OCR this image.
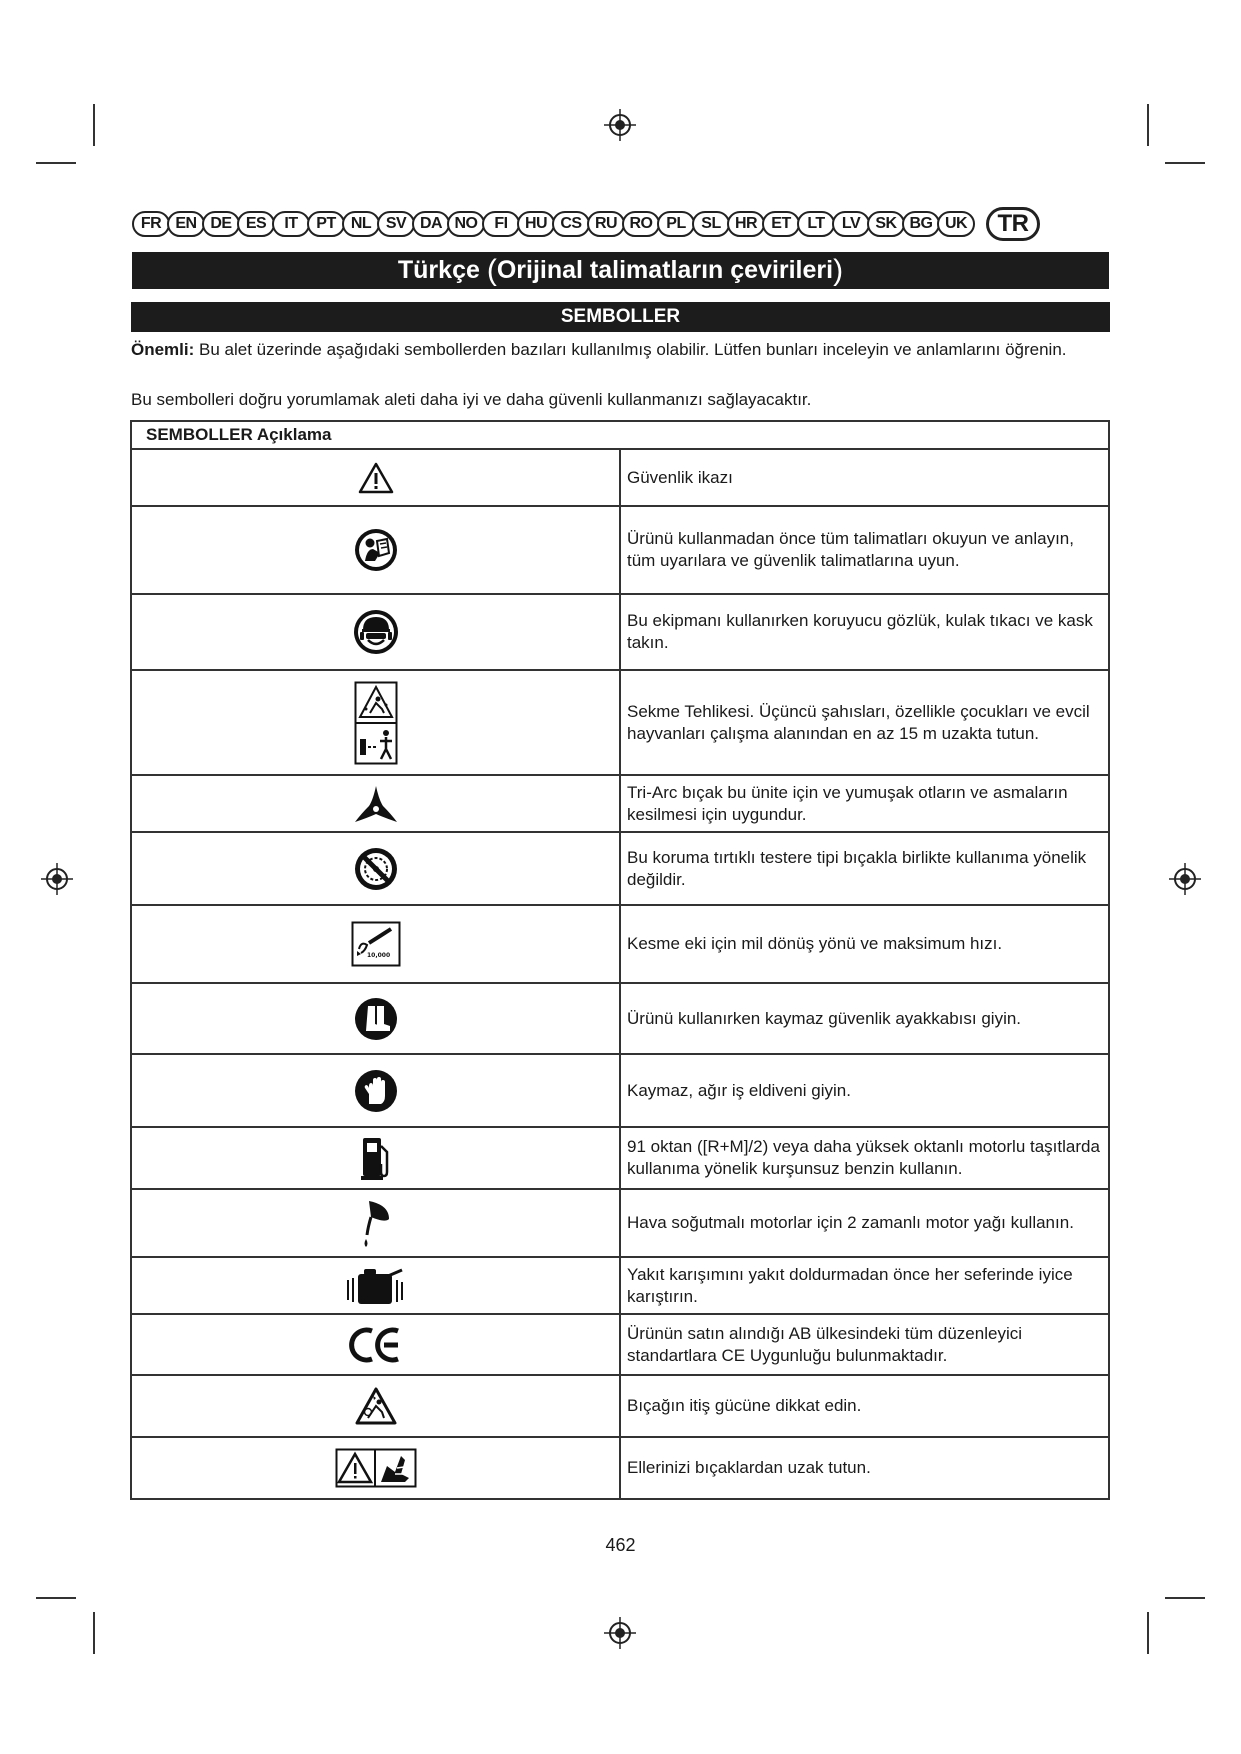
FR EN DE ES	IT	PT NL SV DA NO	FI	HU CS RU RO PL SL HR ET	LT	LV SK BG UK	TR
Türkçe
( Orijinal talimatların çevirileri )
SEMBOLLER
Önemli: Bu alet üzerinde aşağıdaki sembollerden bazıları kullanılmış olabilir. Lütfen bunları inceleyin ve anlamlarını öğrenin.
Bu sembolleri doğru yorumlamak aleti daha iyi ve daha güvenli kullanmanızı sağlayacaktır.
SEMBOLLER Açıklama	

	Güvenlik ikazı

	Ürünü kullanmadan önce tüm talimatları okuyun ve anlayın, tüm uyarılara ve güvenlik talimatlarına uyun.

	Bu ekipmanı kullanırken koruyucu gözlük, kulak tıkacı ve kask takın.

	Sekme Tehlikesi. Üçüncü şahısları, özellikle çocukları ve evcil hayvanları çalışma alanından en az 15 m uzakta tutun.

	Tri-Arc bıçak bu ünite için ve yumuşak otların ve asmaların kesilmesi için uygundur.

	Bu koruma tırtıklı testere tipi bıçakla birlikte kullanıma yönelik değildir.

10,000	Kesme eki için mil dönüş yönü ve maksimum hızı.

	Ürünü kullanırken kaymaz güvenlik ayakkabısı giyin.

	Kaymaz, ağır iş eldiveni giyin.

	91 oktan ([R+M]/2) veya daha yüksek oktanlı motorlu taşıtlarda kullanıma yönelik kurşunsuz benzin kullanın.

	Hava soğutmalı motorlar için 2 zamanlı motor yağı kullanın.

	Yakıt karışımını yakıt doldurmadan önce her seferinde iyice karıştırın.

	Ürünün satın alındığı AB ülkesindeki tüm düzenleyici standartlara CE Uygunluğu bulunmaktadır.

	Bıçağın itiş gücüne dikkat edin.

	Ellerinizi bıçaklardan uzak tutun.
462
